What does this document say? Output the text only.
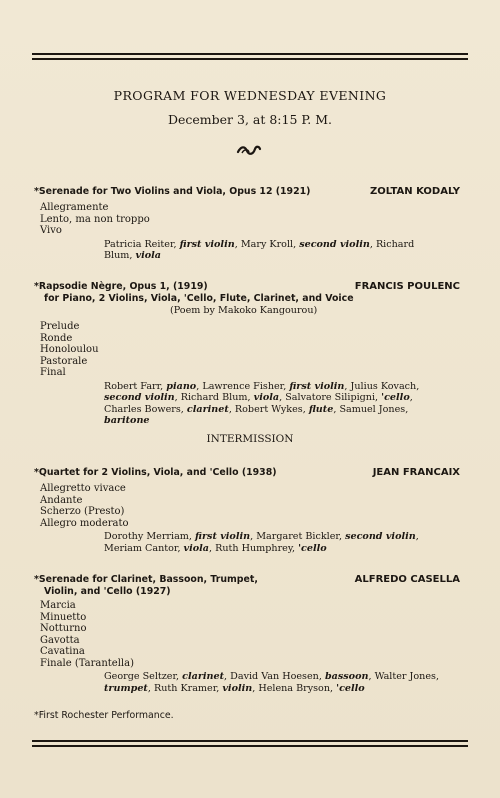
PROGRAM FOR WEDNESDAY EVENING
December 3, at 8:15 P. M.
*Serenade for Two Violins and Viola, Opus 12 (1921)	ZOLTAN KODALY
Allegramente
Lento, ma non troppo
Vivo
Patricia Reiter, first violin, Mary Kroll, second violin, Richard Blum, viola
*Rapsodie Nègre, Opus 1, (1919)	FRANCIS POULENC
for Piano, 2 Violins, Viola, 'Cello, Flute, Clarinet, and Voice
(Poem by Makoko Kangourou)
Prelude
Ronde
Honoloulou
Pastorale
Final
Robert Farr, piano, Lawrence Fisher, first violin, Julius Kovach, second violin, Richard Blum, viola, Salvatore Silipigni, 'cello, Charles Bowers, clarinet, Robert Wykes, flute, Samuel Jones, baritone
INTERMISSION
*Quartet for 2 Violins, Viola, and 'Cello (1938)	JEAN FRANCAIX
Allegretto vivace
Andante
Scherzo (Presto)
Allegro moderato
Dorothy Merriam, first violin, Margaret Bickler, second violin, Meriam Cantor, viola, Ruth Humphrey, 'cello
*Serenade for Clarinet, Bassoon, Trumpet,	ALFREDO CASELLA
Violin, and 'Cello (1927)
Marcia
Minuetto
Notturno
Gavotta
Cavatina
Finale (Tarantella)
George Seltzer, clarinet, David Van Hoesen, bassoon, Walter Jones, trumpet, Ruth Kramer, violin, Helena Bryson, 'cello
*First Rochester Performance.
